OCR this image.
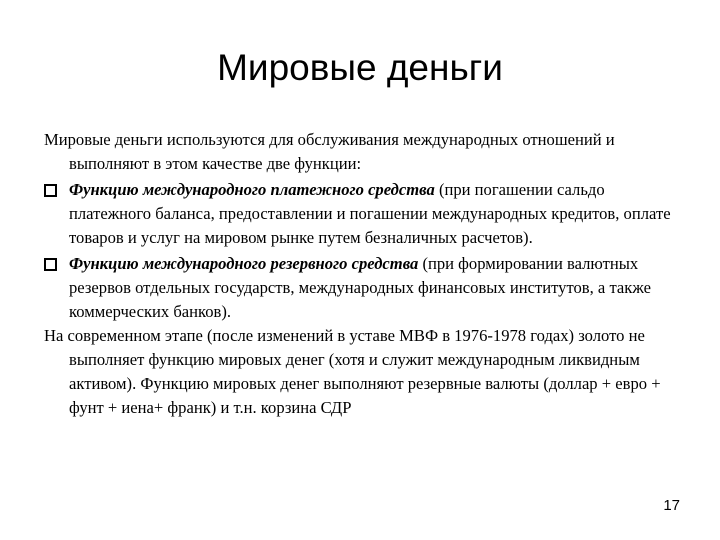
Мировые деньги

Мировые деньги используются для обслуживания международных отношений и выполняют в этом качестве две функции:

Функцию международного платежного средства (при погашении сальдо платежного баланса, предоставлении и погашении международных кредитов, оплате товаров и услуг на мировом рынке путем безналичных расчетов).
Функцию международного резервного средства (при формировании валютных резервов отдельных государств, международных финансовых институтов, а также коммерческих банков).

На современном этапе (после изменений в уставе МВФ в 1976-1978 годах) золото не выполняет функцию мировых денег (хотя и служит международным ликвидным активом). Функцию мировых денег выполняют резервные валюты (доллар + евро + фунт + иена+ франк) и т.н. корзина СДР

17
